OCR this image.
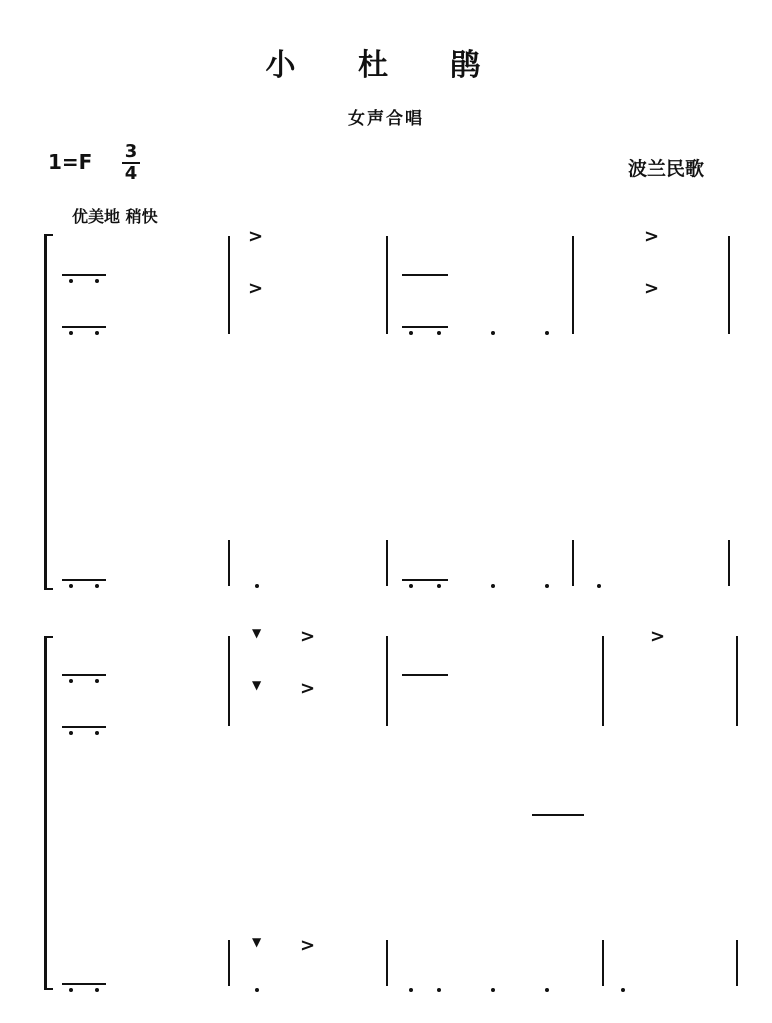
小 杜 鹃
女声合唱
1=F 3
4	波兰民歌
优美地 稍快
>	>
>	>
>	>
▼
>
▼
>
▼
